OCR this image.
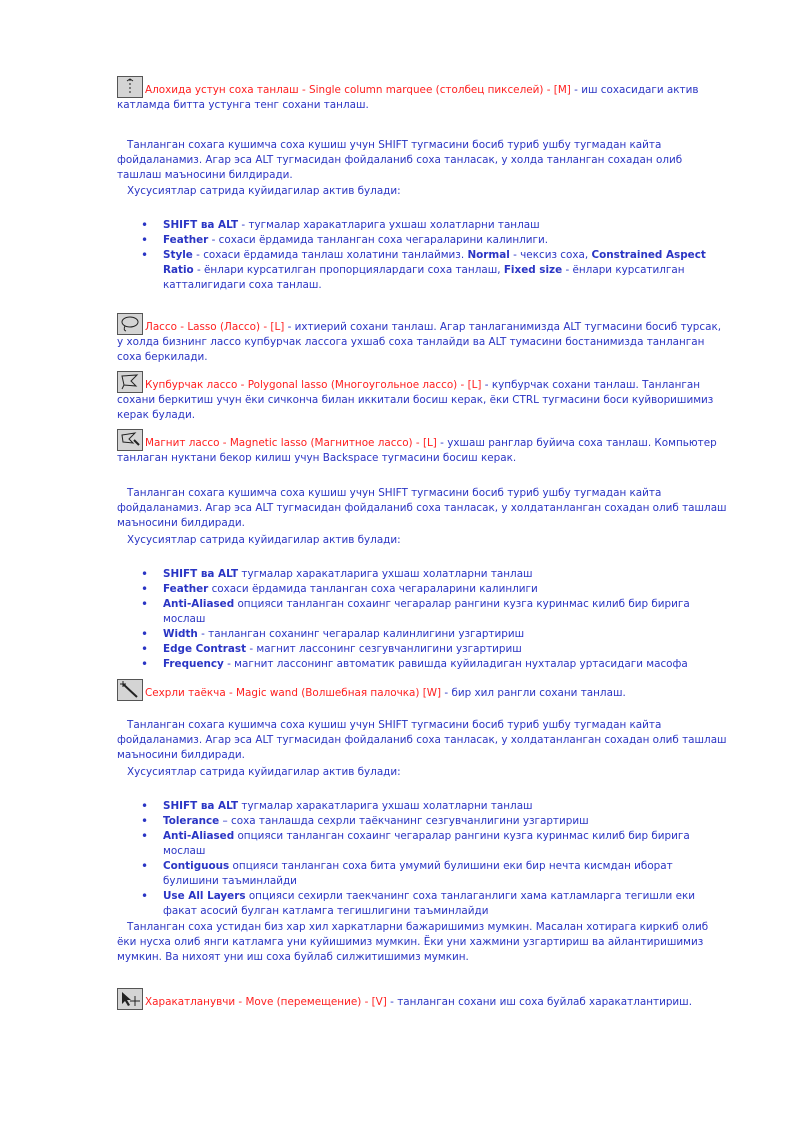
Алохида устун соха танлаш - Single column marquee (столбец пикселей) - [M] - иш сохасидаги актив катламда битта устунга тенг сохани танлаш.

Танланган сохага кушимча соха кушиш учун SHIFT тугмасини босиб туриб ушбу тугмадан кайта фойдаланамиз. Агар эса ALT тугмасидан фойдаланиб соха танласак, у холда танланган сохадан олиб ташлаш маъносини билдиради.

Хусусиятлар сатрида куйидагилар актив булади:

• SHIFT ва ALT - тугмалар харакатларига ухшаш холатларни танлаш
• Feather - сохаси ёрдамида танланган соха чегараларини калинлиги.
• Style - сохаси ёрдамида танлаш холатини танлаймиз. Normal - чексиз соха, Constrained Aspect Ratio - ёнлари курсатилган пропорциялардаги соха танлаш, Fixed size - ёнлари курсатилган катталигидаги соха танлаш.

Лассо - Lasso (Лассо) - [L] - ихтиерий сохани танлаш. Агар танлаганимизда ALT тугмасини босиб турсак, у холда бизнинг лассо купбурчак лассога ухшаб соха танлайди ва ALT тумасини бостанимизда танланган соха беркилади.

Купбурчак лассо - Polygonal lasso (Многоугольное лассо) - [L] - купбурчак сохани танлаш. Танланган сохани беркитиш учун ёки сичконча билан иккитали босиш керак, ёки CTRL тугмасини боси куйворишимиз керак булади.

Магнит лассо - Magnetic lasso (Магнитное лассо) - [L] - ухшаш ранглар буйича соха танлаш. Компьютер танлаган нуктани бекор килиш учун Backspace тугмасини босиш керак.

Танланган сохага кушимча соха кушиш учун SHIFT тугмасини босиб туриб ушбу тугмадан кайта фойдаланамиз. Агар эса ALT тугмасидан фойдаланиб соха танласак, у холдатанланган сохадан олиб ташлаш маъносини билдиради.

Хусусиятлар сатрида куйидагилар актив булади:

• SHIFT ва ALT тугмалар харакатларига ухшаш холатларни танлаш
• Feather сохаси ёрдамида танланган соха чегараларини калинлиги
• Anti-Aliased опцияси танланган сохаинг чегаралар рангини кузга куринмас килиб бир бирига мослаш
• Width - танланган соханинг чегаралар калинлигини узгартириш
• Edge Contrast - магнит лассонинг сезгувчанлигини узгартириш
• Frequency - магнит лассонинг автоматик равишда куйиладиган нухталар уртасидаги масофа

Сехрли таёкча - Magic wand (Волшебная палочка) [W] - бир хил рангли сохани танлаш.

Танланган сохага кушимча соха кушиш учун SHIFT тугмасини босиб туриб ушбу тугмадан кайта фойдаланамиз. Агар эса ALT тугмасидан фойдаланиб соха танласак, у холдатанланган сохадан олиб ташлаш маъносини билдиради.

Хусусиятлар сатрида куйидагилар актив булади:

• SHIFT ва ALT тугмалар харакатларига ухшаш холатларни танлаш
• Tolerance – соха танлашда сехрли таёкчанинг сезгувчанлигини узгартириш
• Anti-Aliased опцияси танланган сохаинг чегаралар рангини кузга куринмас килиб бир бирига мослаш
• Contiguous опцияси танланган соха бита умумий булишини еки бир нечта кисмдан иборат булишини таъминлайди
• Use All Layers опцияси сехирли таекчанинг соха танлаганлиги хама катламларга тегишли еки факат асосий булган катламга тегишлигини таъминлайди

Танланган соха устидан биз хар хил харкатларни бажаришимиз мумкин. Масалан хотирага киркиб олиб ёки нусха олиб янги катламга уни куйишимиз мумкин. Ёки уни хажмини узгартириш ва айлантиришимиз мумкин. Ва нихоят уни иш соха буйлаб силжитишимиз мумкин.

Харакатланувчи - Move (перемещение) - [V] - танланган сохани иш соха буйлаб харакатлантириш.
